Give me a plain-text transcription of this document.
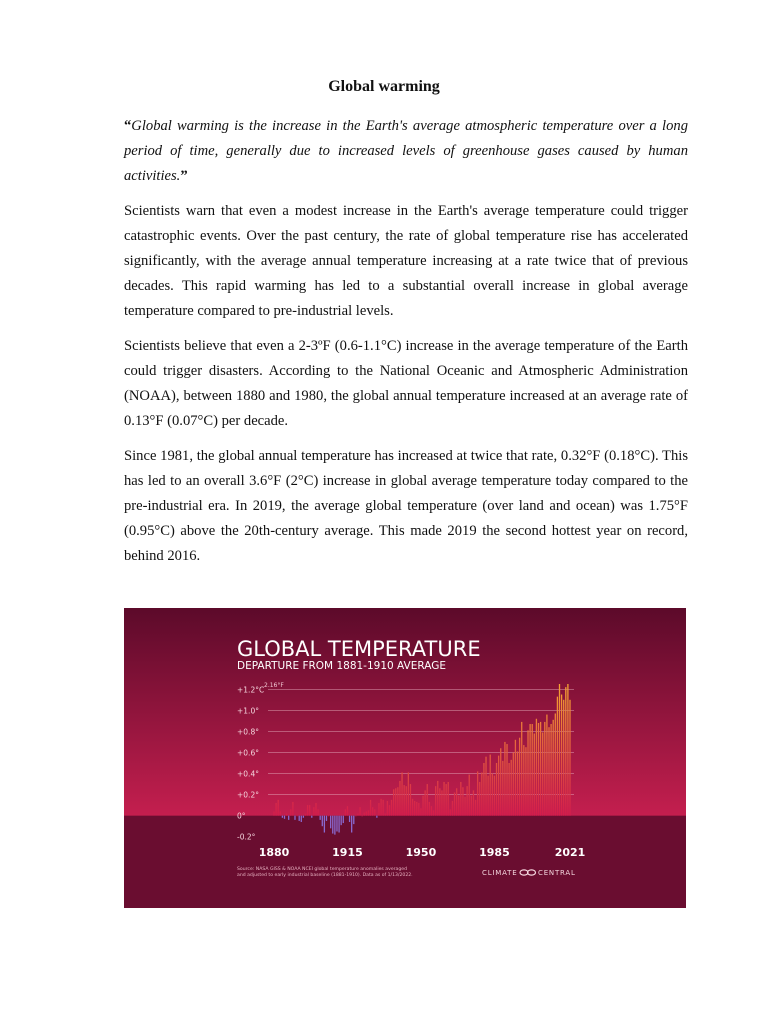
Global warming

“Global warming is the increase in the Earth's average atmospheric temperature over a long period of time, generally due to increased levels of greenhouse gases caused by human activities.”

Scientists warn that even a modest increase in the Earth's average temperature could trigger catastrophic events. Over the past century, the rate of global temperature rise has accelerated significantly, with the average annual temperature increasing at a rate twice that of previous decades. This rapid warming has led to a substantial overall increase in global average temperature compared to pre-industrial levels.

Scientists believe that even a 2-3ºF (0.6-1.1°C) increase in the average temperature of the Earth could trigger disasters. According to the National Oceanic and Atmospheric Administration (NOAA), between 1880 and 1980, the global annual temperature increased at an average rate of 0.13°F (0.07°C) per decade.

Since 1981, the global annual temperature has increased at twice that rate, 0.32°F (0.18°C). This has led to an overall 3.6°F (2°C) increase in global average temperature today compared to the pre-industrial era. In 2019, the average global temperature (over land and ocean) was 1.75°F (0.95°C) above the 20th-century average. This made 2019 the second hottest year on record, behind 2016.

+1.2°C
+1.0°
+0.8°
+0.6°
+0.4°
+0.2°
0°
-0.2°
1880	1915	1950	1985	2021
GLOBAL TEMPERATURE
DEPARTURE FROM 1881-1910 AVERAGE
2.16°F
Source: NASA GISS & NOAA NCEI global temperature anomalies averaged and adjusted to early industrial baseline (1881-1910). Data as of 1/13/2022.	CLIMATE	CENTRAL
